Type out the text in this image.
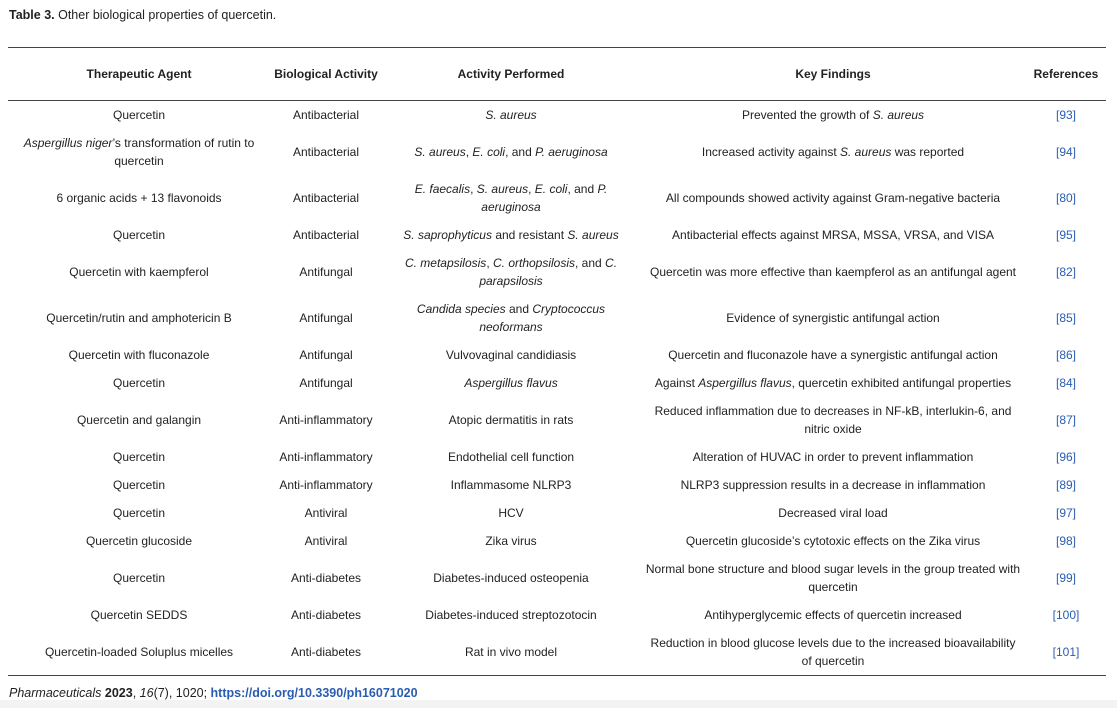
Table 3. Other biological properties of quercetin.
Therapeutic Agent	Biological Activity	Activity Performed	Key Findings	References
Quercetin	Antibacterial	S. aureus	Prevented the growth of S. aureus	[93]
Aspergillus niger’s transformation of rutin to quercetin	Antibacterial	S. aureus, E. coli, and P. aeruginosa	Increased activity against S. aureus was reported	[94]
6 organic acids + 13 flavonoids	Antibacterial	E. faecalis, S. aureus, E. coli, and P. aeruginosa	All compounds showed activity against Gram-negative bacteria	[80]
Quercetin	Antibacterial	S. saprophyticus and resistant S. aureus	Antibacterial effects against MRSA, MSSA, VRSA, and VISA	[95]
Quercetin with kaempferol	Antifungal	C. metapsilosis, C. orthopsilosis, and C. parapsilosis	Quercetin was more effective than kaempferol as an antifungal agent	[82]
Quercetin/rutin and amphotericin B	Antifungal	Candida species and Cryptococcus neoformans	Evidence of synergistic antifungal action	[85]
Quercetin with fluconazole	Antifungal	Vulvovaginal candidiasis	Quercetin and fluconazole have a synergistic antifungal action	[86]
Quercetin	Antifungal	Aspergillus flavus	Against Aspergillus flavus, quercetin exhibited antifungal properties	[84]
Quercetin and galangin	Anti-inflammatory	Atopic dermatitis in rats	Reduced inflammation due to decreases in NF-kB, interlukin-6, and nitric oxide	[87]
Quercetin	Anti-inflammatory	Endothelial cell function	Alteration of HUVAC in order to prevent inflammation	[96]
Quercetin	Anti-inflammatory	Inflammasome NLRP3	NLRP3 suppression results in a decrease in inflammation	[89]
Quercetin	Antiviral	HCV	Decreased viral load	[97]
Quercetin glucoside	Antiviral	Zika virus	Quercetin glucoside’s cytotoxic effects on the Zika virus	[98]
Quercetin	Anti-diabetes	Diabetes-induced osteopenia	Normal bone structure and blood sugar levels in the group treated with quercetin	[99]
Quercetin SEDDS	Anti-diabetes	Diabetes-induced streptozotocin	Antihyperglycemic effects of quercetin increased	[100]
Quercetin-loaded Soluplus micelles	Anti-diabetes	Rat in vivo model	Reduction in blood glucose levels due to the increased bioavailability of quercetin	[101]
Pharmaceuticals 2023, 16(7), 1020; https://doi.org/10.3390/ph16071020
